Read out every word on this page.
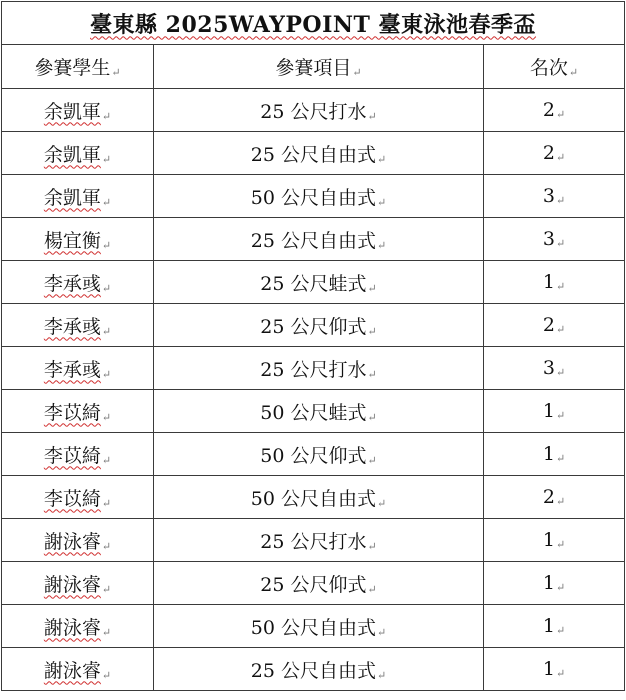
臺東縣 2025WAYPOINT 臺東泳池春季盃		
參賽學生↵	參賽項目↵	名次↵
余凱軍↵	25 公尺打水↵	2↵
余凱軍↵	25 公尺自由式↵	2↵
余凱軍↵	50 公尺自由式↵	3↵
楊宜衡↵	25 公尺自由式↵	3↵
李承彧↵	25 公尺蛙式↵	1↵
李承彧↵	25 公尺仰式↵	2↵
李承彧↵	25 公尺打水↵	3↵
李苡綺↵	50 公尺蛙式↵	1↵
李苡綺↵	50 公尺仰式↵	1↵
李苡綺↵	50 公尺自由式↵	2↵
謝泳睿↵	25 公尺打水↵	1↵
謝泳睿↵	25 公尺仰式↵	1↵
謝泳睿↵	50 公尺自由式↵	1↵
謝泳睿↵	25 公尺自由式↵	1↵
